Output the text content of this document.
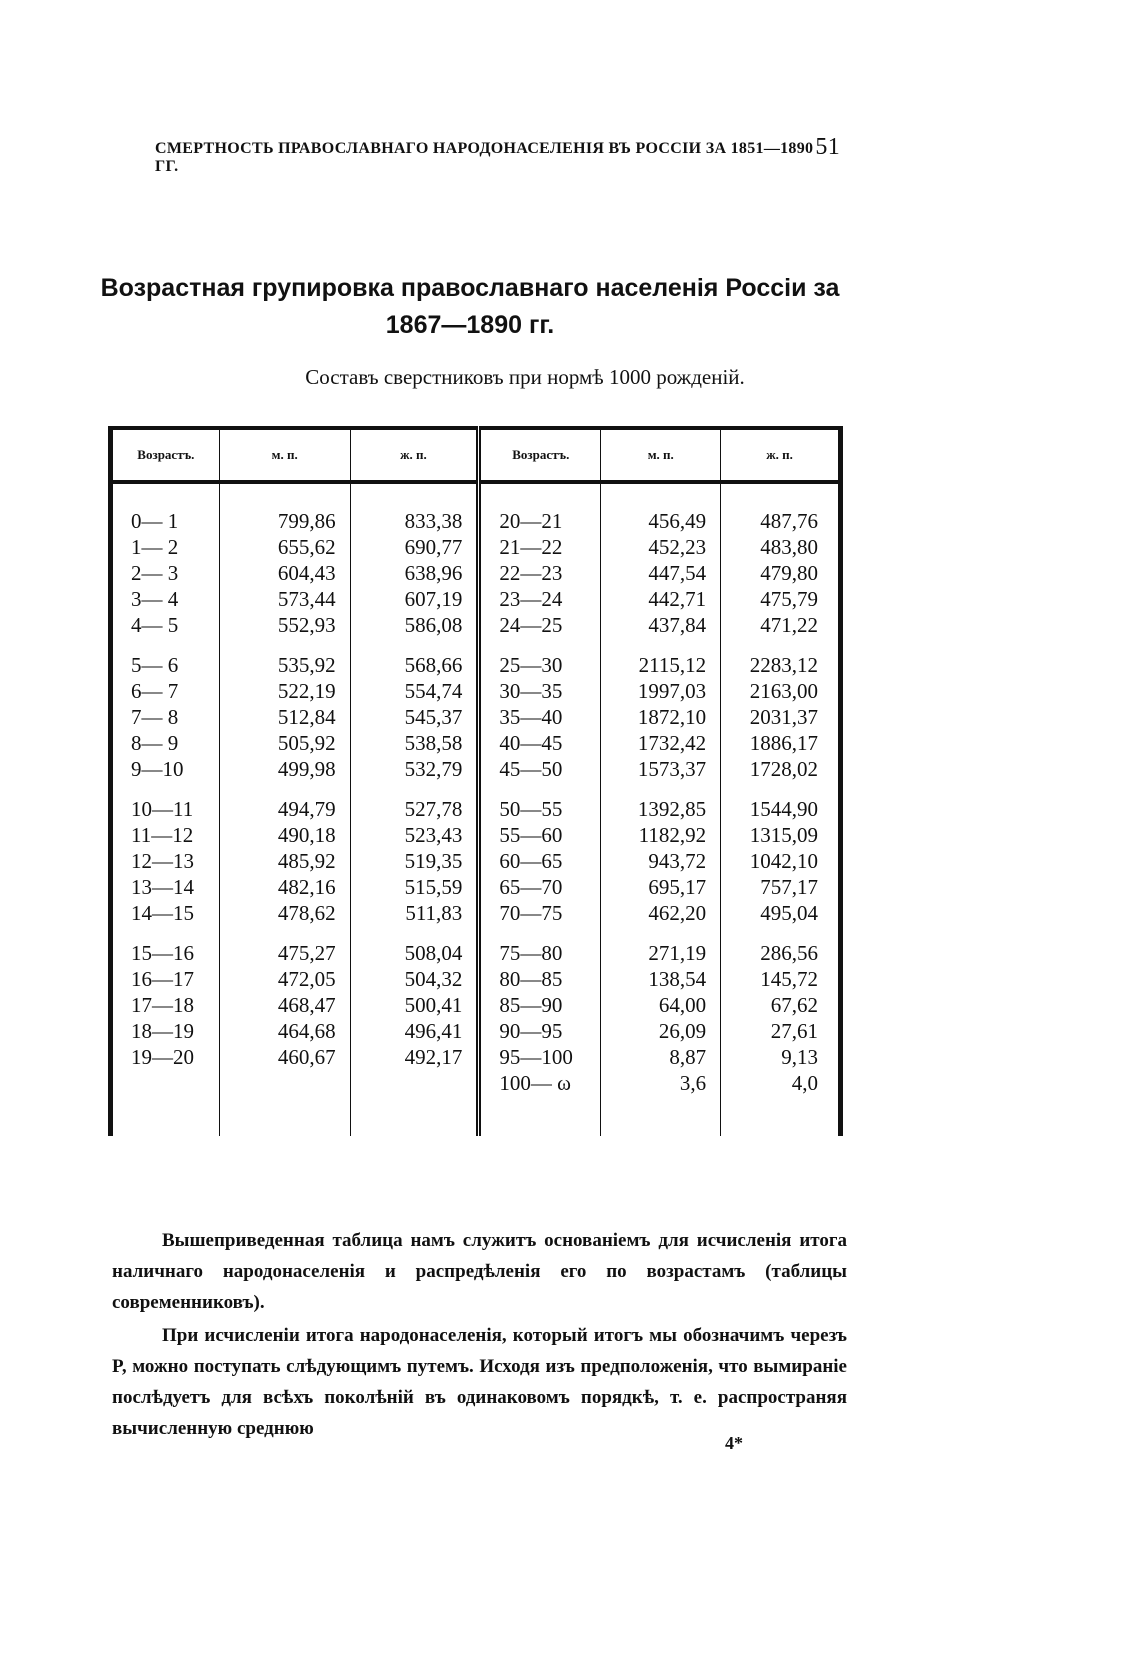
СМЕРТНОСТЬ ПРАВОСЛАВНАГО НАРОДОНАСЕЛЕНІЯ ВЪ РОССІИ ЗА 1851—1890 ГГ.
51
Возрастная групировка православнаго населенія Россіи за 1867—1890 гг.
Составъ сверстниковъ при нормѣ 1000 рожденій.
Возрастъ.	м. п.	ж. п.	Возрастъ.	м. п.	ж. п.

0— 1	799,86	833,38	20—21	456,49	487,76
1— 2	655,62	690,77	21—22	452,23	483,80
2— 3	604,43	638,96	22—23	447,54	479,80
3— 4	573,44	607,19	23—24	442,71	475,79
4— 5	552,93	586,08	24—25	437,84	471,22

5— 6	535,92	568,66	25—30	2115,12	2283,12
6— 7	522,19	554,74	30—35	1997,03	2163,00
7— 8	512,84	545,37	35—40	1872,10	2031,37
8— 9	505,92	538,58	40—45	1732,42	1886,17
9—10	499,98	532,79	45—50	1573,37	1728,02

10—11	494,79	527,78	50—55	1392,85	1544,90
11—12	490,18	523,43	55—60	1182,92	1315,09
12—13	485,92	519,35	60—65	943,72	1042,10
13—14	482,16	515,59	65—70	695,17	757,17
14—15	478,62	511,83	70—75	462,20	495,04

15—16	475,27	508,04	75—80	271,19	286,56
16—17	472,05	504,32	80—85	138,54	145,72
17—18	468,47	500,41	85—90	64,00	67,62
18—19	464,68	496,41	90—95	26,09	27,61
19—20	460,67	492,17	95—100	8,87	9,13
			100— ω	3,6	4,0

Вышеприведенная таблица намъ служитъ основаніемъ для исчисленія итога наличнаго народонаселенія и распредѣленія его по возрастамъ (таблицы современниковъ).
При исчисленіи итога народонаселенія, который итогъ мы обозначимъ черезъ P, можно поступать слѣдующимъ путемъ. Исходя изъ предположенія, что вымираніе послѣдуетъ для всѣхъ поколѣній въ одинаковомъ порядкѣ, т. е. распространяя вычисленную среднюю
4*
